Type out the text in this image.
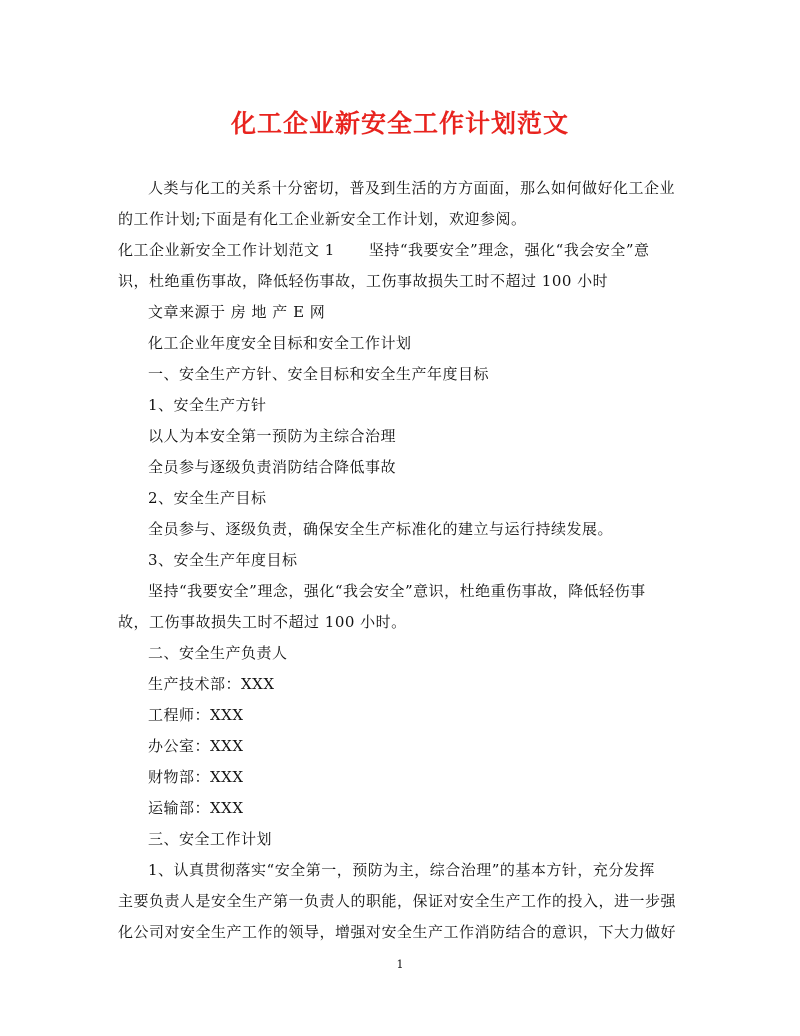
化工企业新安全工作计划范文
人类与化工的关系十分密切，普及到生活的方方面面，那么如何做好化工企业
的工作计划;下面是有化工企业新安全工作计划，欢迎参阅。
化工企业新安全工作计划范文 1 坚持“我要安全”理念，强化“我会安全”意
识，杜绝重伤事故，降低轻伤事故，工伤事故损失工时不超过 100 小时
文章来源于 房 地 产 E 网
化工企业年度安全目标和安全工作计划
一、安全生产方针、安全目标和安全生产年度目标
1、安全生产方针
以人为本安全第一预防为主综合治理
全员参与逐级负责消防结合降低事故
2、安全生产目标
全员参与、逐级负责，确保安全生产标准化的建立与运行持续发展。
3、安全生产年度目标
坚持“我要安全”理念，强化“我会安全”意识，杜绝重伤事故，降低轻伤事
故，工伤事故损失工时不超过 100 小时。
二、安全生产负责人
生产技术部：XXX
工程师：XXX
办公室：XXX
财物部：XXX
运输部：XXX
三、安全工作计划
1、认真贯彻落实“安全第一，预防为主，综合治理”的基本方针，充分发挥
主要负责人是安全生产第一负责人的职能，保证对安全生产工作的投入，进一步强
化公司对安全生产工作的领导，增强对安全生产工作消防结合的意识，下大力做好
1
